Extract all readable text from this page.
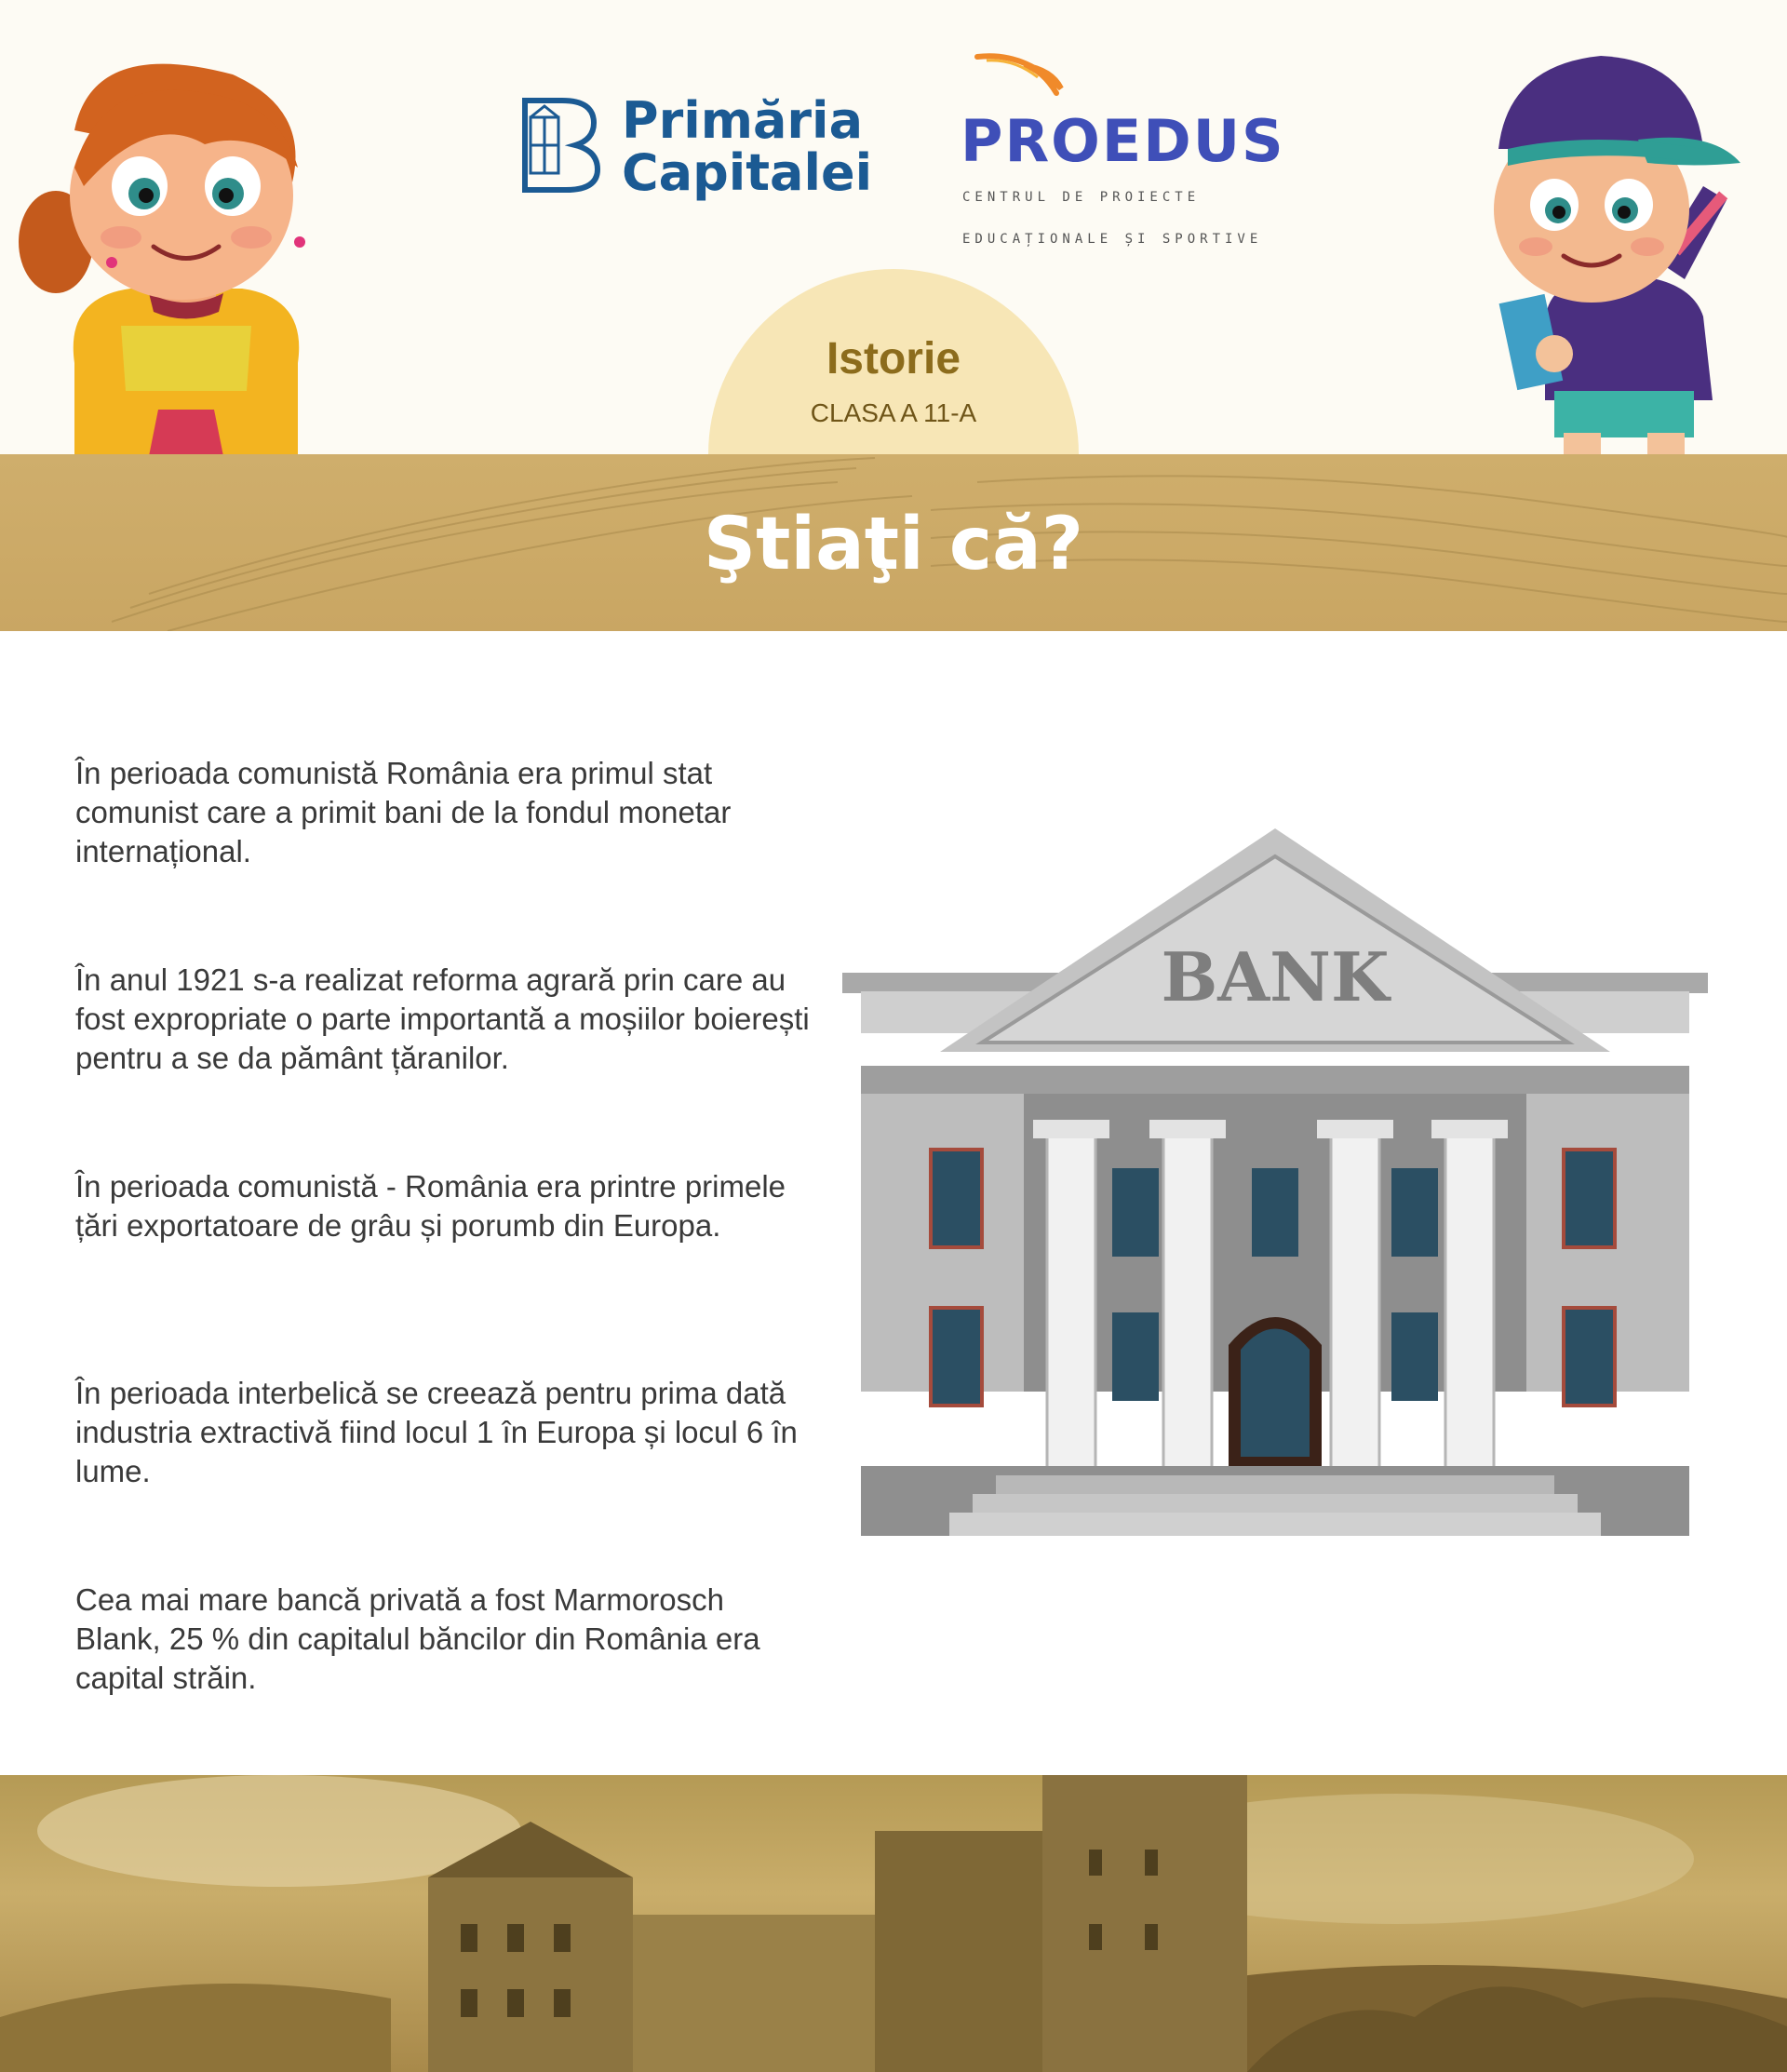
Primăria
Capitalei PROEDUS

CENTRUL DE PROIECTE

EDUCAȚIONALE ȘI SPORTIVE

Istorie
CLASA A 11-A
Ştiaţi că?
În perioada comunistă România era primul stat comunist care a primit bani de la fondul monetar internațional.
În anul 1921 s-a realizat reforma agrară prin care au fost expropriate o parte importantă a moșiilor boierești pentru a se da pământ țăranilor.
În perioada comunistă - România era printre primele țări exportatoare de grâu și porumb din Europa.
În perioada interbelică se creează pentru prima dată industria extractivă fiind locul 1 în Europa și locul 6 în lume.
Cea mai mare bancă privată a fost Marmorosch Blank, 25 % din capitalul băncilor din România era capital străin.
BANK
